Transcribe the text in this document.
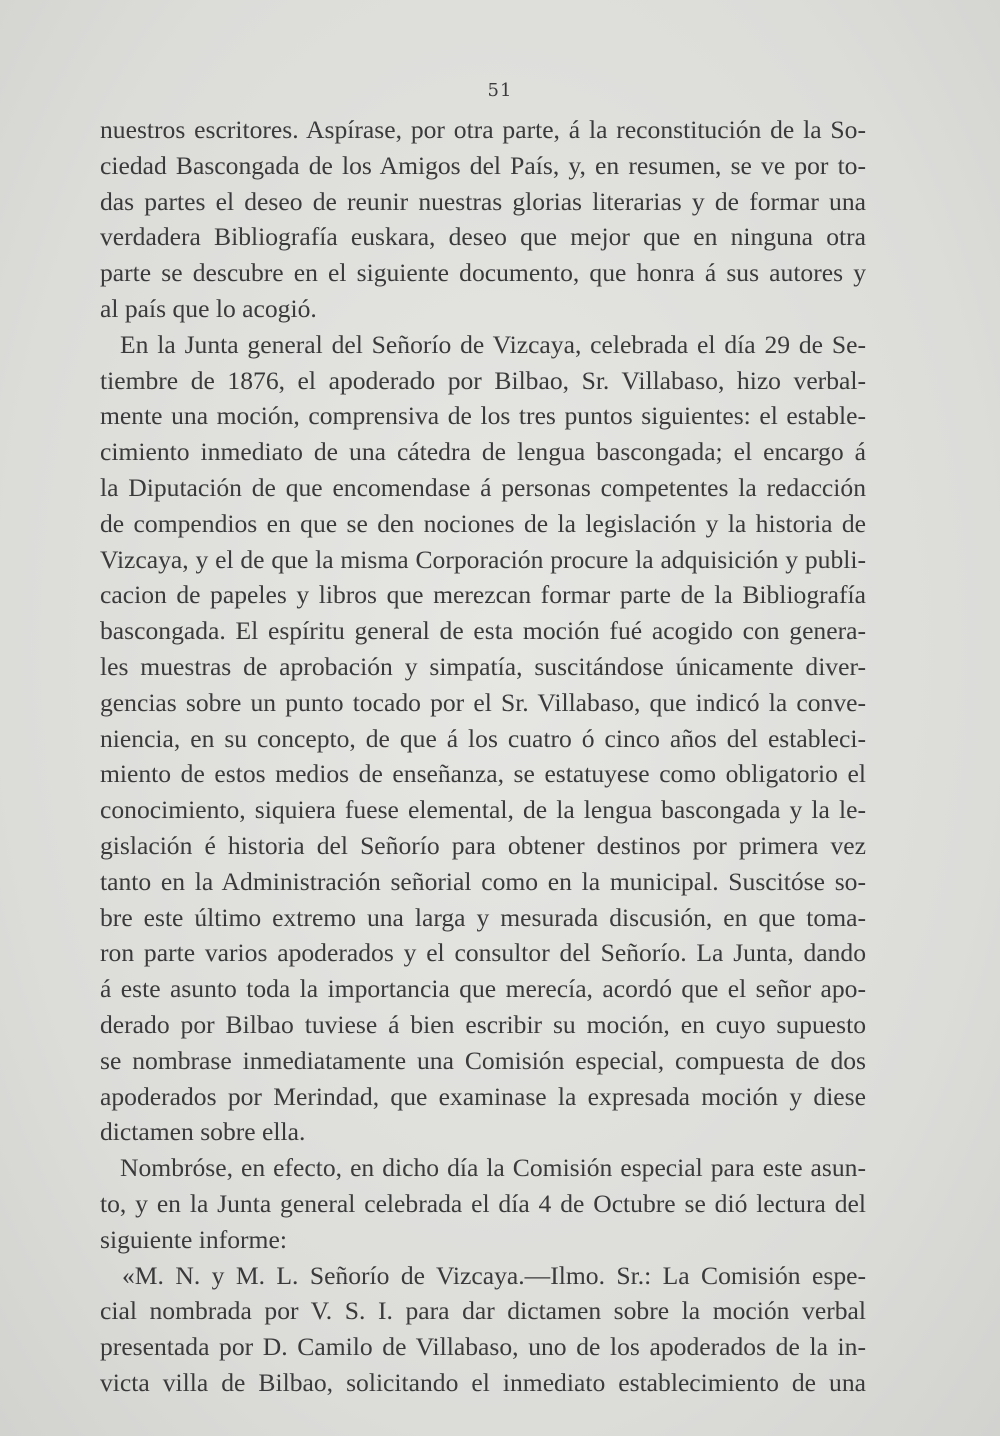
51
nuestros escritores. Aspírase, por otra parte, á la reconstitución de la So-
ciedad Bascongada de los Amigos del País, y, en resumen, se ve por to-
das partes el deseo de reunir nuestras glorias literarias y de formar una
verdadera Bibliografía euskara, deseo que mejor que en ninguna otra
parte se descubre en el siguiente documento, que honra á sus autores y
al país que lo acogió.
En la Junta general del Señorío de Vizcaya, celebrada el día 29 de Se-
tiembre de 1876, el apoderado por Bilbao, Sr. Villabaso, hizo verbal-
mente una moción, comprensiva de los tres puntos siguientes: el estable-
cimiento inmediato de una cátedra de lengua bascongada; el encargo á
la Diputación de que encomendase á personas competentes la redacción
de compendios en que se den nociones de la legislación y la historia de
Vizcaya, y el de que la misma Corporación procure la adquisición y publi-
cacion de papeles y libros que merezcan formar parte de la Bibliografía
bascongada. El espíritu general de esta moción fué acogido con genera-
les muestras de aprobación y simpatía, suscitándose únicamente diver-
gencias sobre un punto tocado por el Sr. Villabaso, que indicó la conve-
niencia, en su concepto, de que á los cuatro ó cinco años del estableci-
miento de estos medios de enseñanza, se estatuyese como obligatorio el
conocimiento, siquiera fuese elemental, de la lengua bascongada y la le-
gislación é historia del Señorío para obtener destinos por primera vez
tanto en la Administración señorial como en la municipal. Suscitóse so-
bre este último extremo una larga y mesurada discusión, en que toma-
ron parte varios apoderados y el consultor del Señorío. La Junta, dando
á este asunto toda la importancia que merecía, acordó que el señor apo-
derado por Bilbao tuviese á bien escribir su moción, en cuyo supuesto
se nombrase inmediatamente una Comisión especial, compuesta de dos
apoderados por Merindad, que examinase la expresada moción y diese
dictamen sobre ella.
Nombróse, en efecto, en dicho día la Comisión especial para este asun-
to, y en la Junta general celebrada el día 4 de Octubre se dió lectura del
siguiente informe:
«M. N. y M. L. Señorío de Vizcaya.—Ilmo. Sr.: La Comisión espe-
cial nombrada por V. S. I. para dar dictamen sobre la moción verbal
presentada por D. Camilo de Villabaso, uno de los apoderados de la in-
victa villa de Bilbao, solicitando el inmediato establecimiento de una
